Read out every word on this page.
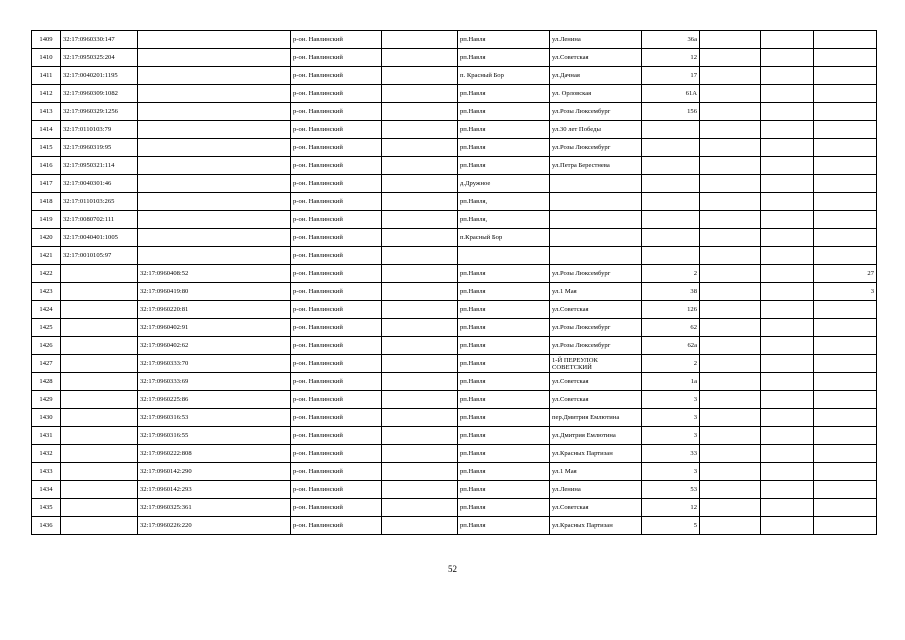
1409	32:17:0960330:147		р-он. Навлинский		рп.Навля	ул.Ленина	36а			
1410	32:17:0950325:204		р-он. Навлинский		рп.Навля	ул.Советская	12			
1411	32:17:0040201:1195		р-он. Навлинский		п. Красный Бор	ул.Дачная	17			
1412	32:17:0960309:1082		р-он. Навлинский		рп.Навля	ул. Орловская	61А			
1413	32:17:0960329:1256		р-он. Навлинский		рп.Навля	ул.Розы Люксембург	156			
1414	32:17:0110103:79		р-он. Навлинский		рп.Навля	ул.30 лет Победы				
1415	32:17:0960319:95		р-он. Навлинский		рп.Навля	ул.Розы Люксембург				
1416	32:17:0950321:114		р-он. Навлинский		рп.Навля	ул.Петра Берестнева				
1417	32:17:0040301:46		р-он. Навлинский		д.Дружное					
1418	32:17:0110103:265		р-он. Навлинский		рп.Навля,					
1419	32:17:0080702:111		р-он. Навлинский		рп.Навля,					
1420	32:17:0040401:1005		р-он. Навлинский		п.Красный Бор					
1421	32:17:0010105:97		р-он. Навлинский							
1422		32:17:0960408:52	р-он. Навлинский		рп.Навля	ул.Розы Люксембург	2			27
1423		32:17:0960419:80	р-он. Навлинский		рп.Навля	ул.1 Мая	38			3
1424		32:17:0960220:81	р-он. Навлинский		рп.Навля	ул.Советская	126			
1425		32:17:0960402:91	р-он. Навлинский		рп.Навля	ул.Розы Люксембург	62			
1426		32:17:0960402:62	р-он. Навлинский		рп.Навля	ул.Розы Люксембург	62а			
1427		32:17:0960333:70	р-он. Навлинский		рп.Навля	1-Й ПЕРЕУЛОК СОВЕТСКИЙ	2			
1428		32:17:0960333:69	р-он. Навлинский		рп.Навля	ул.Советская	1а			
1429		32:17:0960225:86	р-он. Навлинский		рп.Навля	ул.Советская	3			
1430		32:17:0960316:53	р-он. Навлинский		рп.Навля	пер.Дмитрия Емлютина	3			
1431		32:17:0960316:55	р-он. Навлинский		рп.Навля	ул.Дмитрия Емлютина	3			
1432		32:17:0960222:808	р-он. Навлинский		рп.Навля	ул.Красных Партизан	33			
1433		32:17:0960142:290	р-он. Навлинский		рп.Навля	ул.1 Мая	3			
1434		32:17:0960142:293	р-он. Навлинский		рп.Навля	ул.Ленина	53			
1435		32:17:0960325:361	р-он. Навлинский		рп.Навля	ул.Советская	12			
1436		32:17:0960226:220	р-он. Навлинский		рп.Навля	ул.Красных Партизан	5			
52
